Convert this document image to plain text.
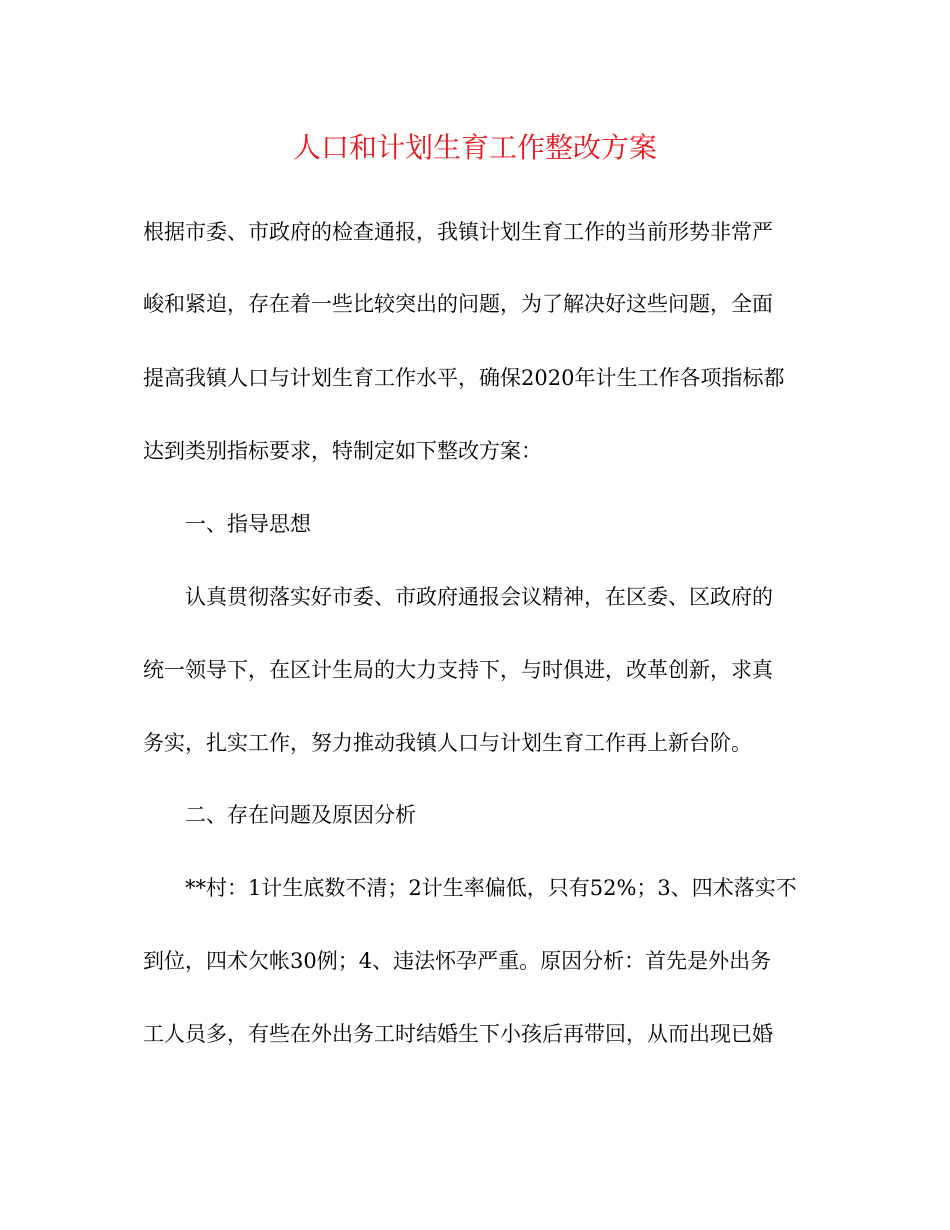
人口和计划生育工作整改方案
根据市委、市政府的检查通报，我镇计划生育工作的当前形势非常严
峻和紧迫，存在着一些比较突出的问题，为了解决好这些问题，全面
提高我镇人口与计划生育工作水平，确保2020年计生工作各项指标都
达到类别指标要求，特制定如下整改方案：
一、指导思想
认真贯彻落实好市委、市政府通报会议精神，在区委、区政府的
统一领导下，在区计生局的大力支持下，与时俱进，改革创新，求真
务实，扎实工作，努力推动我镇人口与计划生育工作再上新台阶。
二、存在问题及原因分析
**村：1计生底数不清；2计生率偏低，只有52%；3、四术落实不
到位，四术欠帐30例；4、违法怀孕严重。原因分析：首先是外出务
工人员多，有些在外出务工时结婚生下小孩后再带回，从而出现已婚
